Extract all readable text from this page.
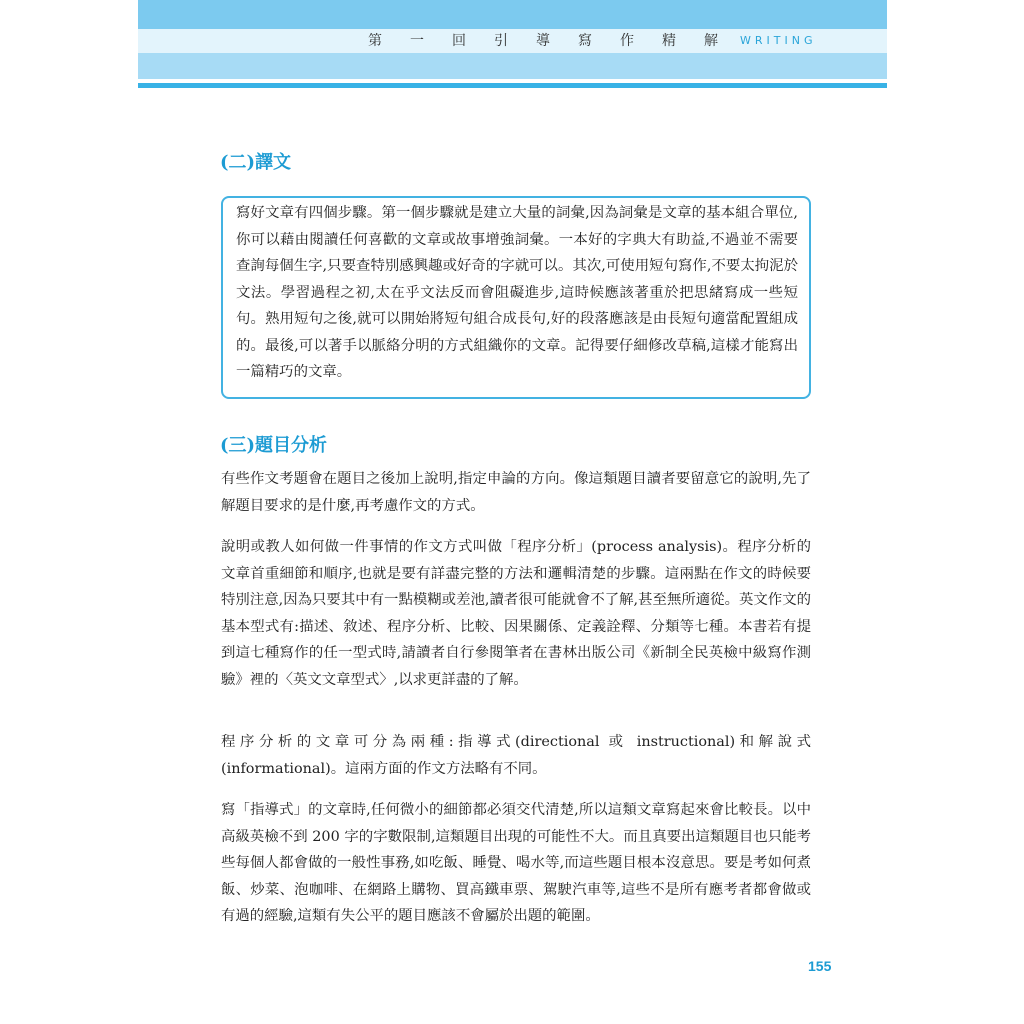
第一回引導寫作精解
WRITING
(二)譯文

寫好文章有四個步驟。第一個步驟就是建立大量的詞彙,因為詞彙是文章的基本組合單位,你可以藉由閱讀任何喜歡的文章或故事增強詞彙。一本好的字典大有助益,不過並不需要查詢每個生字,只要查特別感興趣或好奇的字就可以。其次,可使用短句寫作,不要太拘泥於文法。學習過程之初,太在乎文法反而會阻礙進步,這時候應該著重於把思緒寫成一些短句。熟用短句之後,就可以開始將短句組合成長句,好的段落應該是由長短句適當配置組成的。最後,可以著手以脈絡分明的方式組織你的文章。記得要仔細修改草稿,這樣才能寫出一篇精巧的文章。

(三)題目分析

有些作文考題會在題目之後加上說明,指定申論的方向。像這類題目讀者要留意它的說明,先了解題目要求的是什麼,再考慮作文的方式。

說明或教人如何做一件事情的作文方式叫做「程序分析」(process analysis)。程序分析的文章首重細節和順序,也就是要有詳盡完整的方法和邏輯清楚的步驟。這兩點在作文的時候要特別注意,因為只要其中有一點模糊或差池,讀者很可能就會不了解,甚至無所適從。英文作文的基本型式有:描述、敘述、程序分析、比較、因果關係、定義詮釋、分類等七種。本書若有提到這七種寫作的任一型式時,請讀者自行參閱筆者在書林出版公司《新制全民英檢中級寫作測驗》裡的〈英文文章型式〉,以求更詳盡的了解。

程序分析的文章可分為兩種:指導式(directional 或 instructional)和解說式(informational)。這兩方面的作文方法略有不同。

寫「指導式」的文章時,任何微小的細節都必須交代清楚,所以這類文章寫起來會比較長。以中高級英檢不到 200 字的字數限制,這類題目出現的可能性不大。而且真要出這類題目也只能考些每個人都會做的一般性事務,如吃飯、睡覺、喝水等,而這些題目根本沒意思。要是考如何煮飯、炒菜、泡咖啡、在網路上購物、買高鐵車票、駕駛汽車等,這些不是所有應考者都會做或有過的經驗,這類有失公平的題目應該不會屬於出題的範圍。

155
